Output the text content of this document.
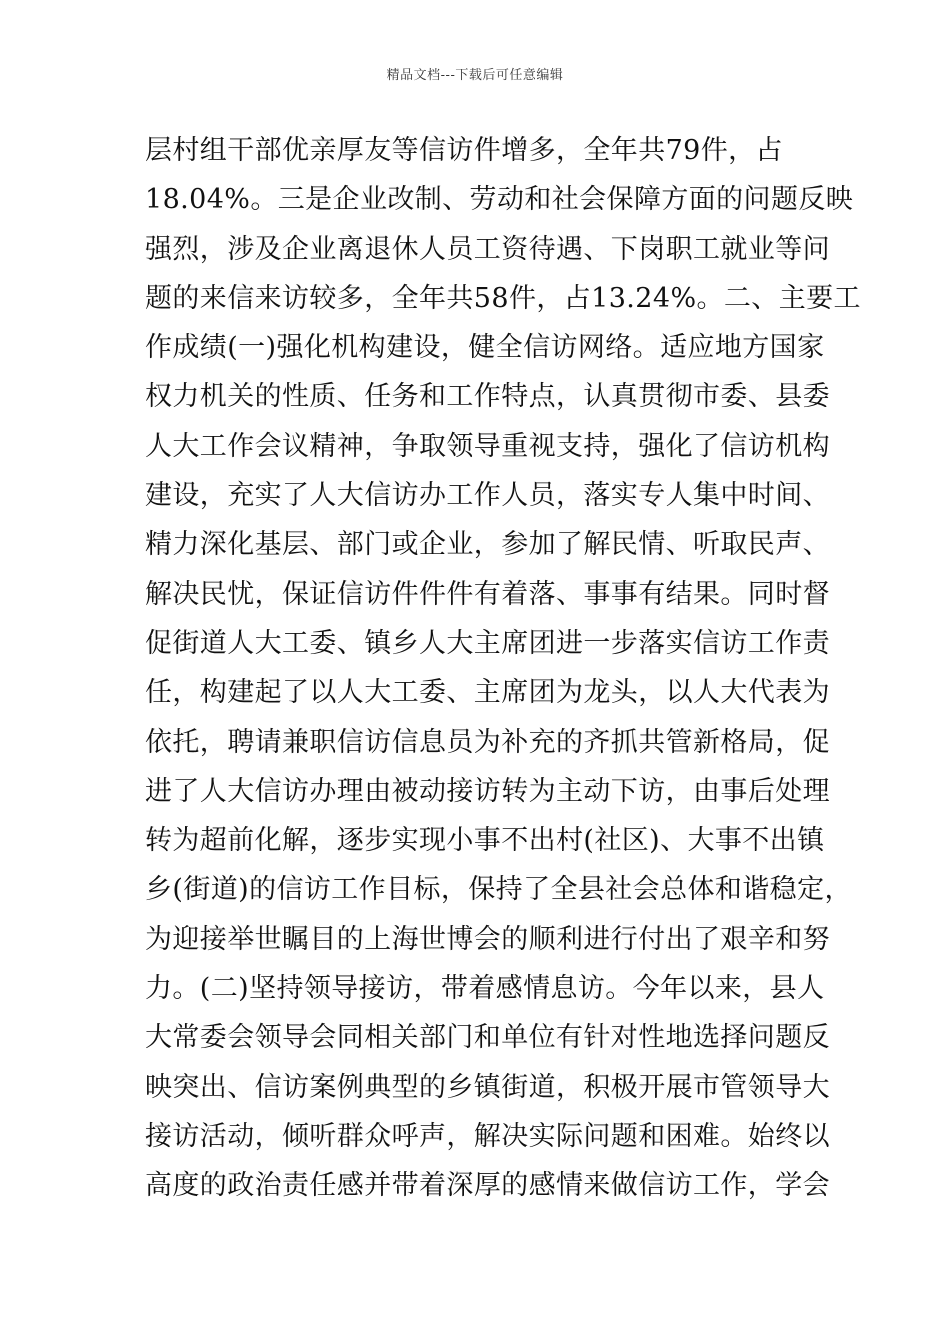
精品文档---下载后可任意编辑
层村组干部优亲厚友等信访件增多，全年共79件，占
18.04%。三是企业改制、劳动和社会保障方面的问题反映
强烈，涉及企业离退休人员工资待遇、下岗职工就业等问
题的来信来访较多，全年共58件，占13.24%。二、主要工
作成绩(一)强化机构建设，健全信访网络。适应地方国家
权力机关的性质、任务和工作特点，认真贯彻市委、县委
人大工作会议精神，争取领导重视支持，强化了信访机构
建设，充实了人大信访办工作人员，落实专人集中时间、
精力深化基层、部门或企业，参加了解民情、听取民声、
解决民忧，保证信访件件件有着落、事事有结果。同时督
促街道人大工委、镇乡人大主席团进一步落实信访工作责
任，构建起了以人大工委、主席团为龙头，以人大代表为
依托，聘请兼职信访信息员为补充的齐抓共管新格局，促
进了人大信访办理由被动接访转为主动下访，由事后处理
转为超前化解，逐步实现小事不出村(社区)、大事不出镇
乡(街道)的信访工作目标，保持了全县社会总体和谐稳定，
为迎接举世瞩目的上海世博会的顺利进行付出了艰辛和努
力。(二)坚持领导接访，带着感情息访。今年以来，县人
大常委会领导会同相关部门和单位有针对性地选择问题反
映突出、信访案例典型的乡镇街道，积极开展市管领导大
接访活动，倾听群众呼声，解决实际问题和困难。始终以
高度的政治责任感并带着深厚的感情来做信访工作，学会
